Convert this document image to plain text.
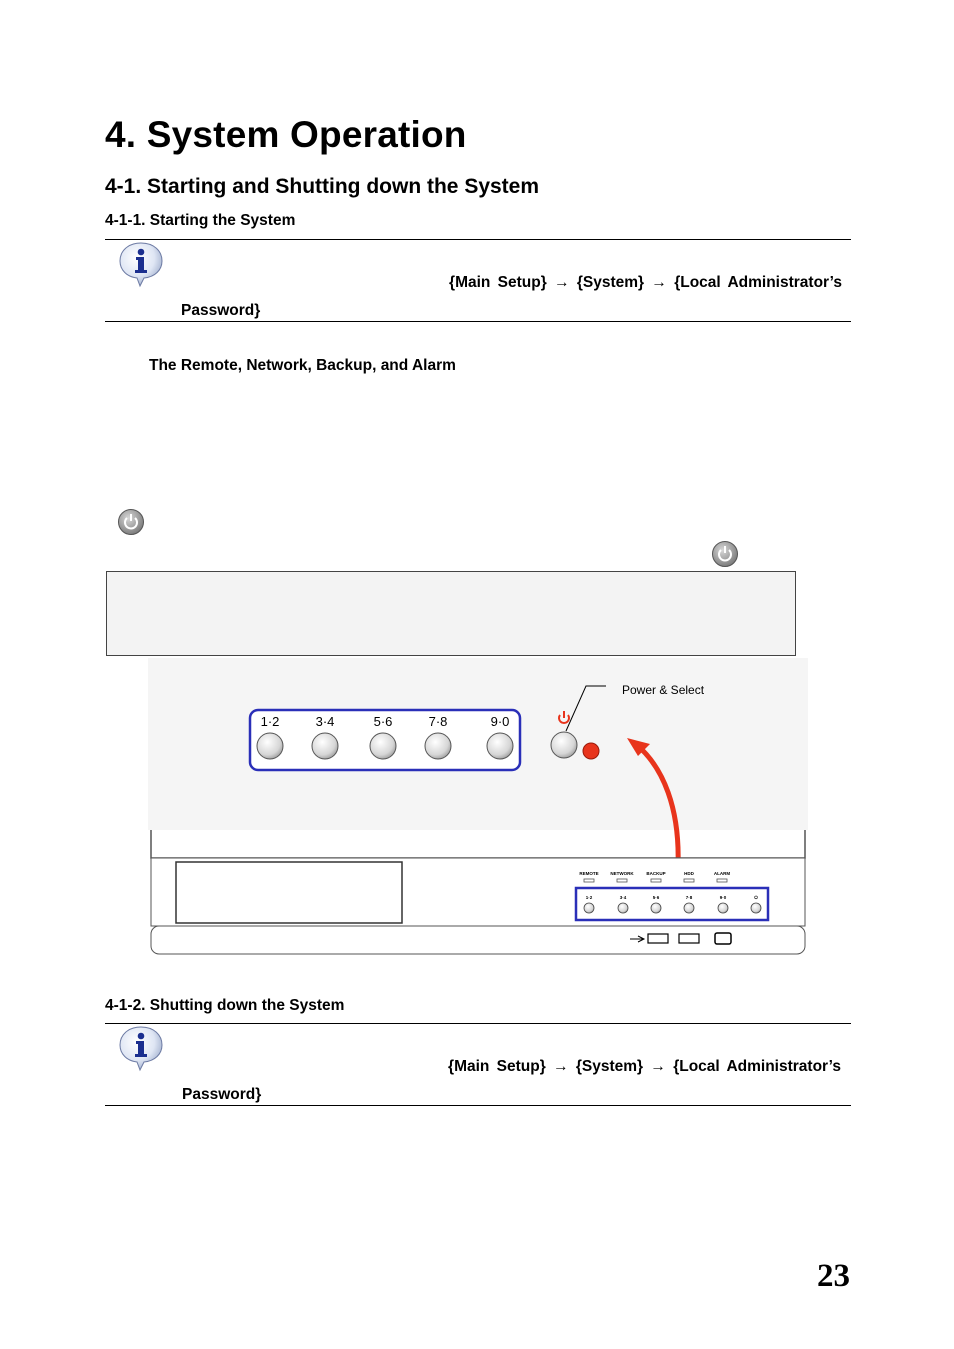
4. System Operation
4-1. Starting and Shutting down the System
4-1-1. Starting the System
{Main Setup} → {System} → {Local Administrator’s
Password}
The Remote, Network, Backup, and Alarm
1·2	3·4	5·6	7·8	9·0
Power & Select
REMOTE	NETWORK	BACKUP	HDD	ALARM
1·2	3·4	5·6	7·8	9·0	⏻
4-1-2. Shutting down the System
{Main Setup} → {System} → {Local Administrator’s
Password}
23
